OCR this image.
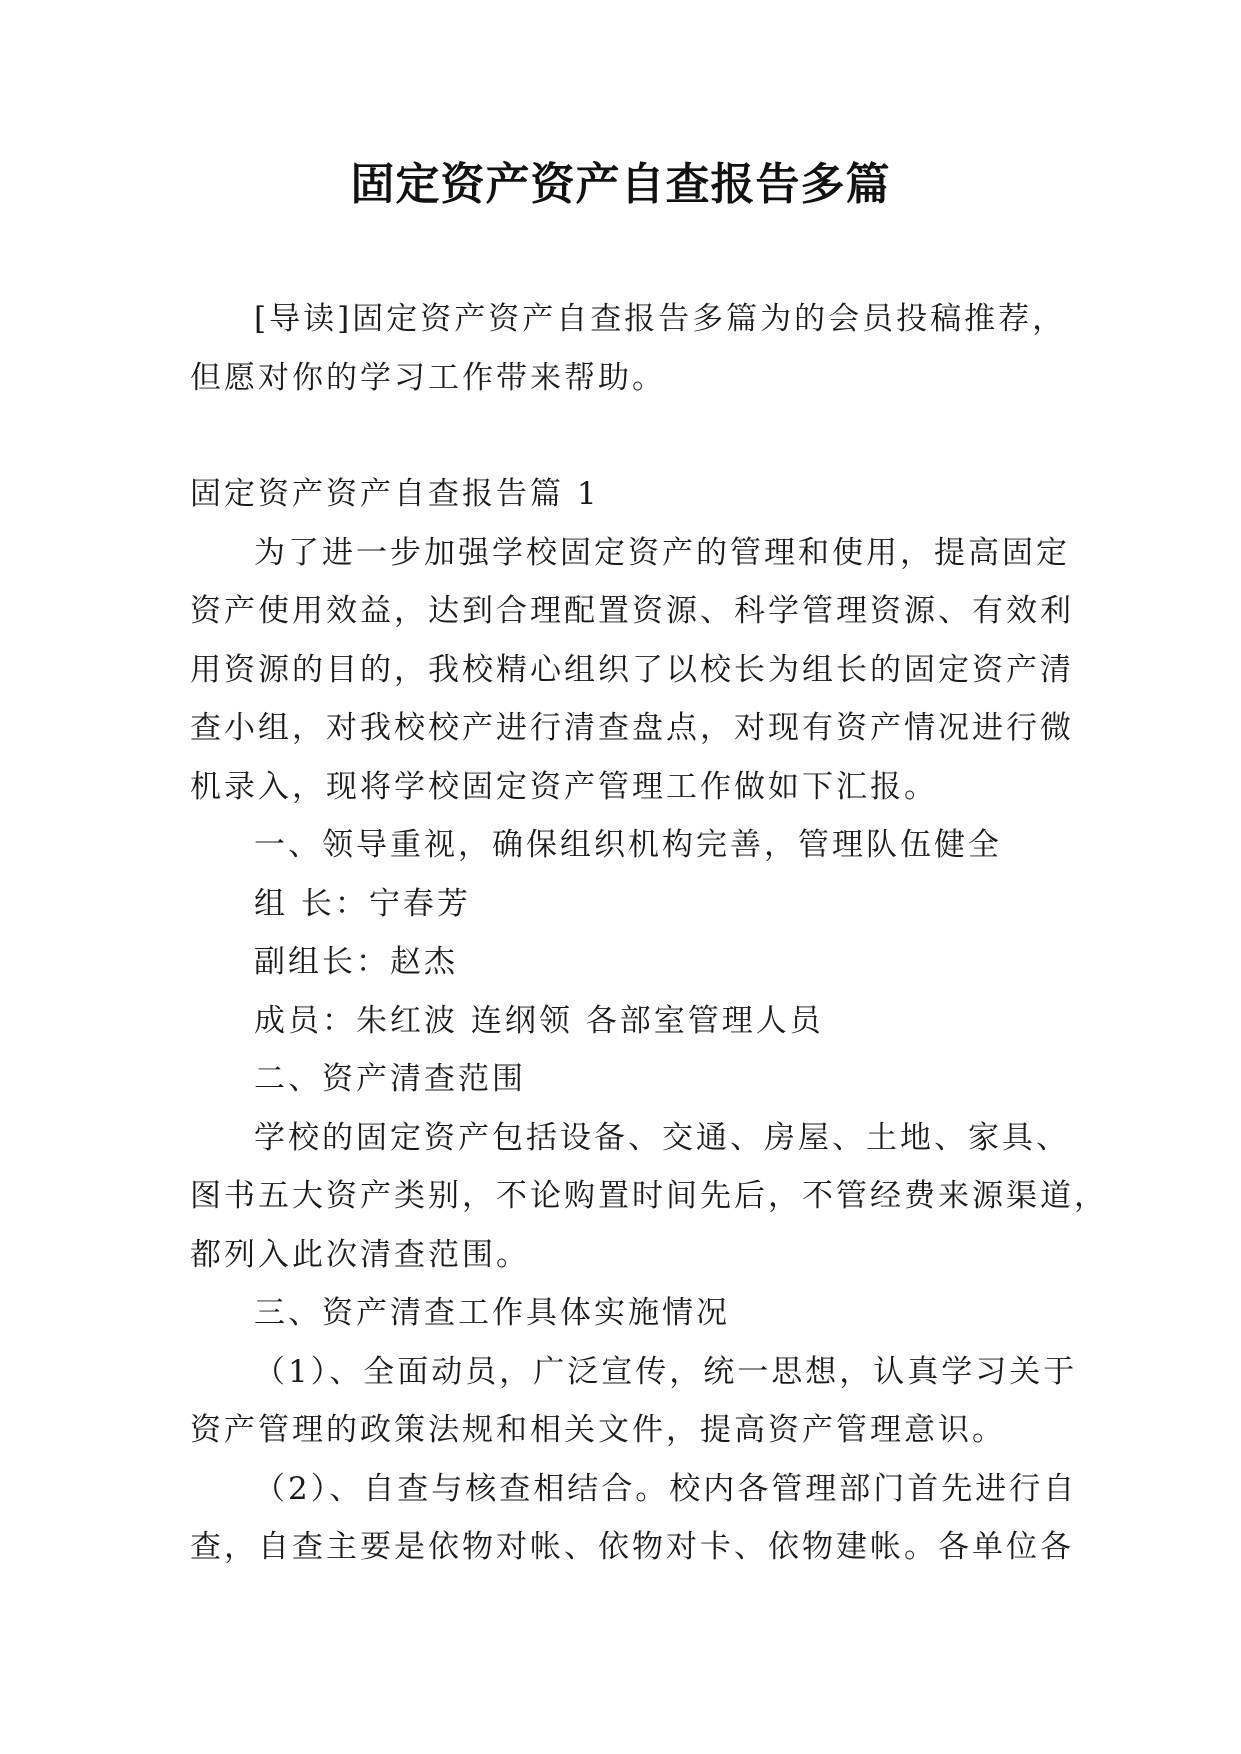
固定资产资产自查报告多篇
[导读]固定资产资产自查报告多篇为的会员投稿推荐，
但愿对你的学习工作带来帮助。
固定资产资产自查报告篇 1
为了进一步加强学校固定资产的管理和使用，提高固定
资产使用效益，达到合理配置资源、科学管理资源、有效利
用资源的目的，我校精心组织了以校长为组长的固定资产清
查小组，对我校校产进行清查盘点，对现有资产情况进行微
机录入，现将学校固定资产管理工作做如下汇报。
一、领导重视，确保组织机构完善，管理队伍健全
组 长：宁春芳
副组长：赵杰
成员：朱红波 连纲领 各部室管理人员
二、资产清查范围
学校的固定资产包括设备、交通、房屋、土地、家具、
图书五大资产类别，不论购置时间先后，不管经费来源渠道，
都列入此次清查范围。
三、资产清查工作具体实施情况
（1）、全面动员，广泛宣传，统一思想，认真学习关于
资产管理的政策法规和相关文件，提高资产管理意识。
（2）、自查与核查相结合。校内各管理部门首先进行自
查，自查主要是依物对帐、依物对卡、依物建帐。各单位各
